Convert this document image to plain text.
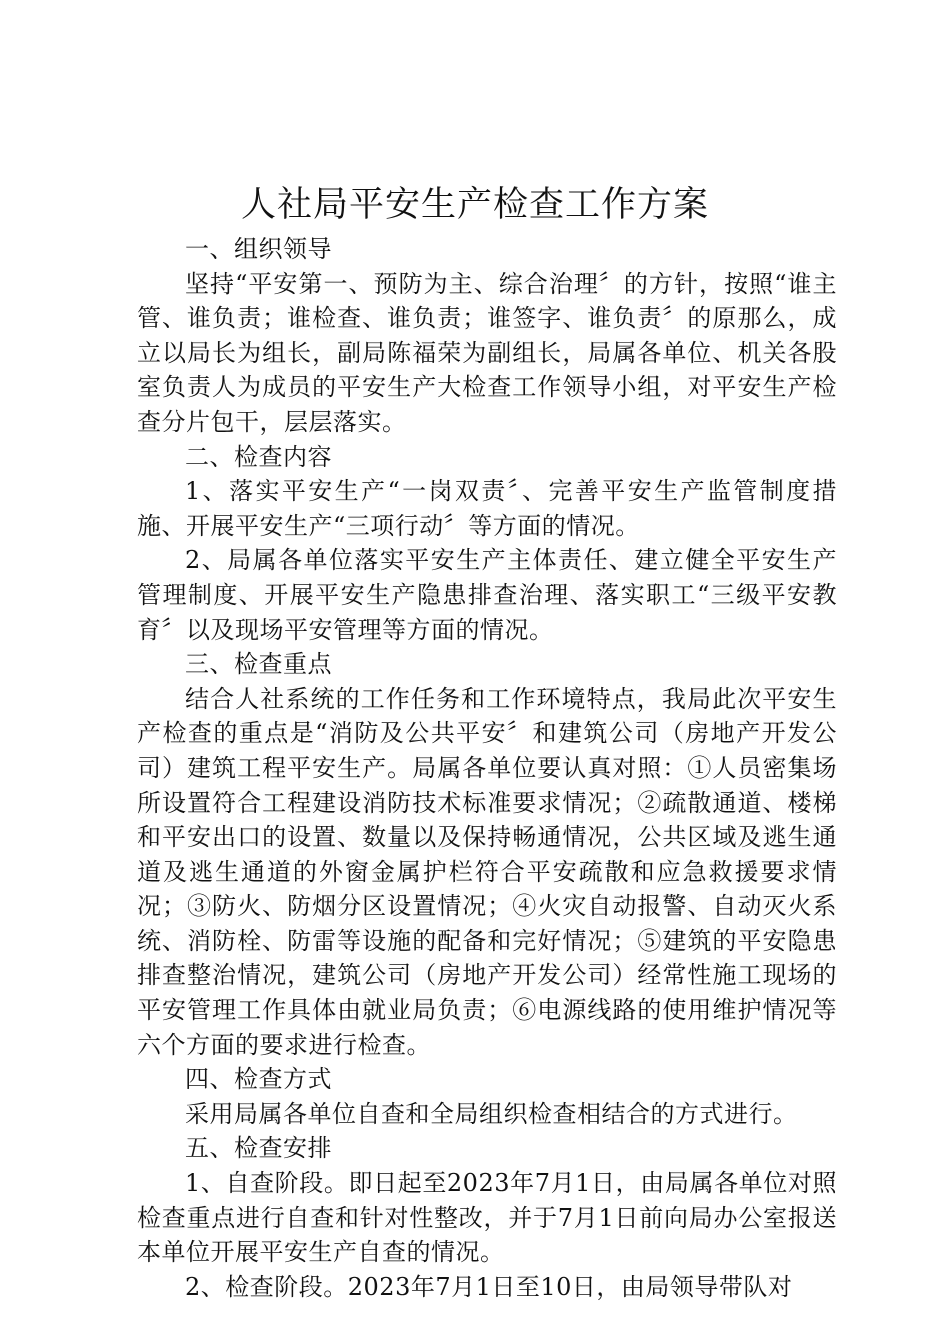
人社局平安生产检查工作方案
一、组织领导

坚持“平安第一、预防为主、综合治理〞的方针，按照“谁主管、谁负责；谁检查、谁负责；谁签字、谁负责〞的原那么，成立以局长为组长，副局陈福荣为副组长，局属各单位、机关各股室负责人为成员的平安生产大检查工作领导小组，对平安生产检查分片包干，层层落实。

二、检查内容

1、落实平安生产“一岗双责〞、完善平安生产监管制度措施、开展平安生产“三项行动〞等方面的情况。

2、局属各单位落实平安生产主体责任、建立健全平安生产管理制度、开展平安生产隐患排查治理、落实职工“三级平安教育〞以及现场平安管理等方面的情况。

三、检查重点

结合人社系统的工作任务和工作环境特点，我局此次平安生产检查的重点是“消防及公共平安〞和建筑公司（房地产开发公司）建筑工程平安生产。局属各单位要认真对照：①人员密集场所设置符合工程建设消防技术标准要求情况；②疏散通道、楼梯和平安出口的设置、数量以及保持畅通情况，公共区域及逃生通道及逃生通道的外窗金属护栏符合平安疏散和应急救援要求情况；③防火、防烟分区设置情况；④火灾自动报警、自动灭火系统、消防栓、防雷等设施的配备和完好情况；⑤建筑的平安隐患排查整治情况，建筑公司（房地产开发公司）经常性施工现场的平安管理工作具体由就业局负责；⑥电源线路的使用维护情况等六个方面的要求进行检查。

四、检查方式

采用局属各单位自查和全局组织检查相结合的方式进行。

五、检查安排

1、自查阶段。即日起至2023年7月1日，由局属各单位对照检查重点进行自查和针对性整改，并于7月1日前向局办公室报送本单位开展平安生产自查的情况。

2、检查阶段。2023年7月1日至10日，由局领导带队对
